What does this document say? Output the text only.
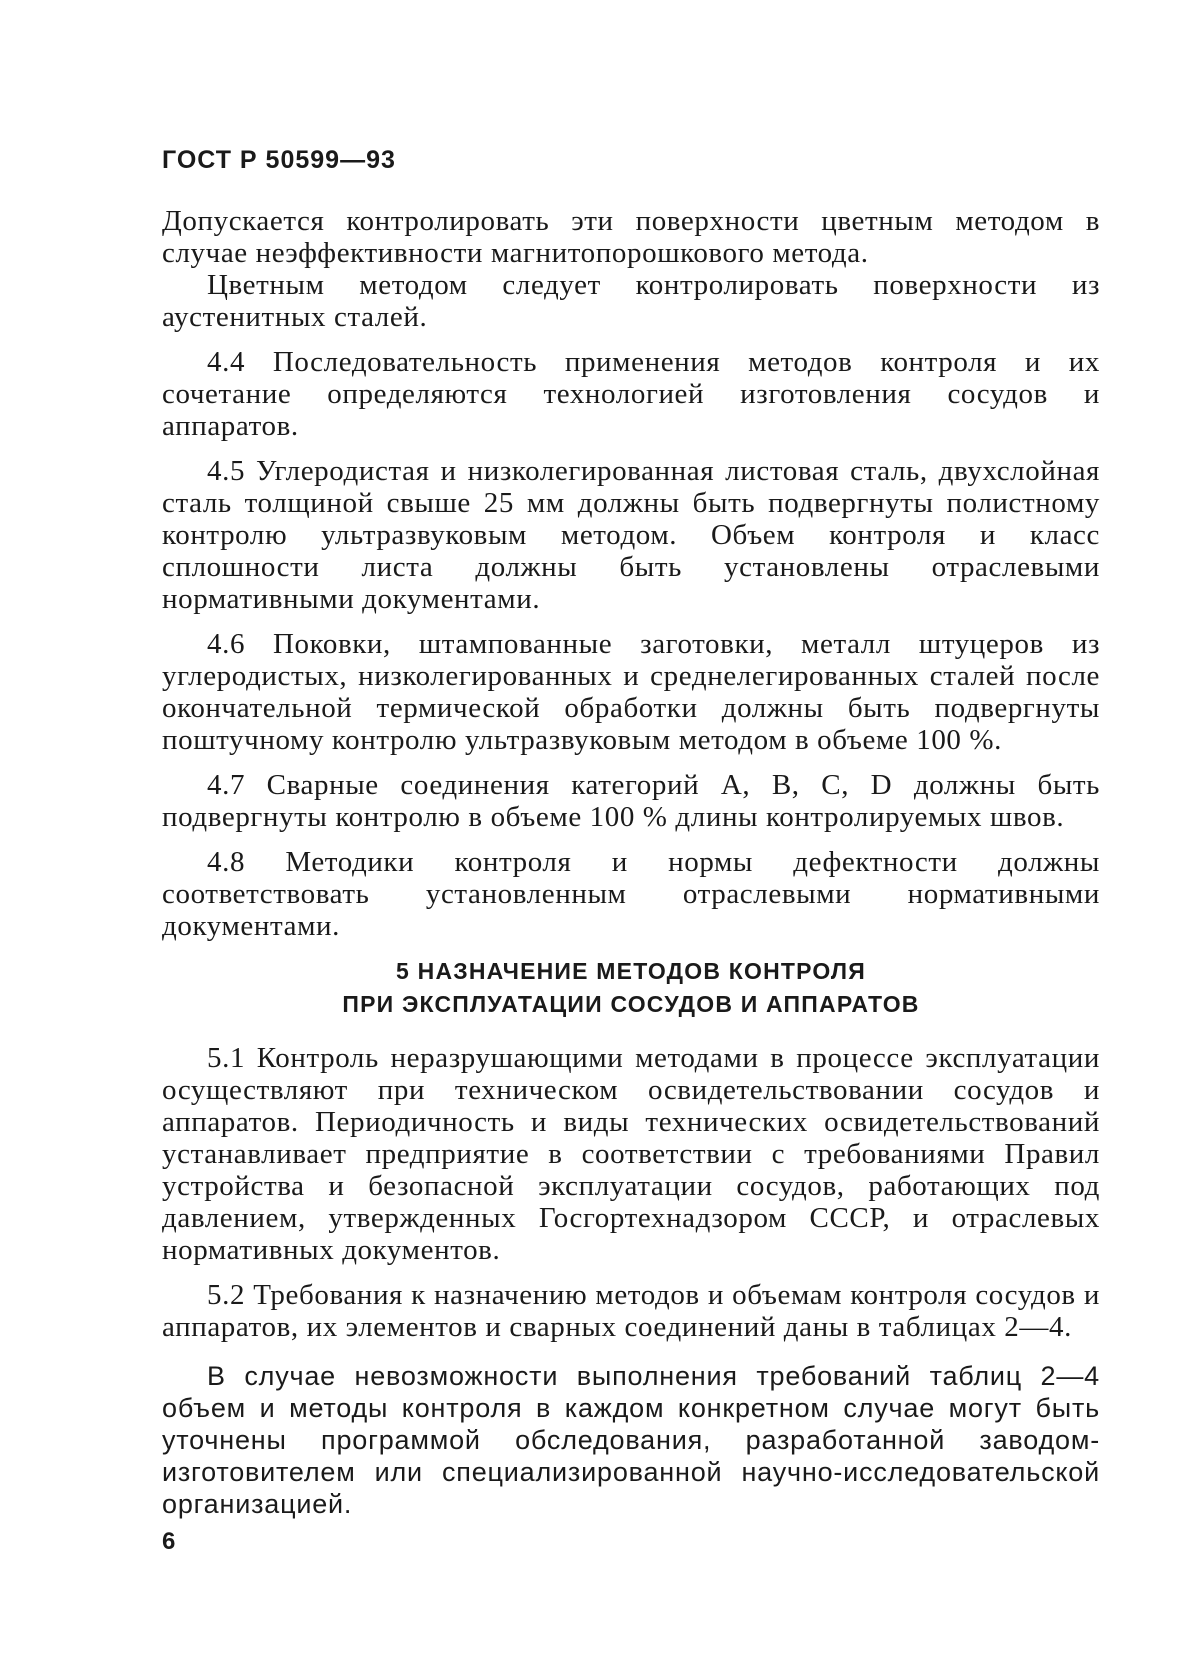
ГОСТ Р 50599—93

Допускается контролировать эти поверхности цветным методом в случае неэффективности магнитопорошкового метода.

Цветным методом следует контролировать поверхности из аустенитных сталей.

4.4 Последовательность применения методов контроля и их сочетание определяются технологией изготовления сосудов и аппаратов.

4.5 Углеродистая и низколегированная листовая сталь, двухслойная сталь толщиной свыше 25 мм должны быть подвергнуты полистному контролю ультразвуковым методом. Объем контроля и класс сплошности листа должны быть установлены отраслевыми нормативными документами.

4.6 Поковки, штампованные заготовки, металл штуцеров из углеродистых, низколегированных и среднелегированных сталей после окончательной термической обработки должны быть подвергнуты поштучному контролю ультразвуковым методом в объеме 100 %.

4.7 Сварные соединения категорий A, B, C, D должны быть подвергнуты контролю в объеме 100 % длины контролируемых швов.

4.8 Методики контроля и нормы дефектности должны соответствовать установленным отраслевыми нормативными документами.

5 НАЗНАЧЕНИЕ МЕТОДОВ КОНТРОЛЯ
ПРИ ЭКСПЛУАТАЦИИ СОСУДОВ И АППАРАТОВ

5.1 Контроль неразрушающими методами в процессе эксплуатации осуществляют при техническом освидетельствовании сосудов и аппаратов. Периодичность и виды технических освидетельствований устанавливает предприятие в соответствии с требованиями Правил устройства и безопасной эксплуатации сосудов, работающих под давлением, утвержденных Госгортехнадзором СССР, и отраслевых нормативных документов.

5.2 Требования к назначению методов и объемам контроля сосудов и аппаратов, их элементов и сварных соединений даны в таблицах 2—4.

В случае невозможности выполнения требований таблиц 2—4 объем и методы контроля в каждом конкретном случае могут быть уточнены программой обследования, разработанной заводом-изготовителем или специализированной научно-исследовательской организацией.

6
